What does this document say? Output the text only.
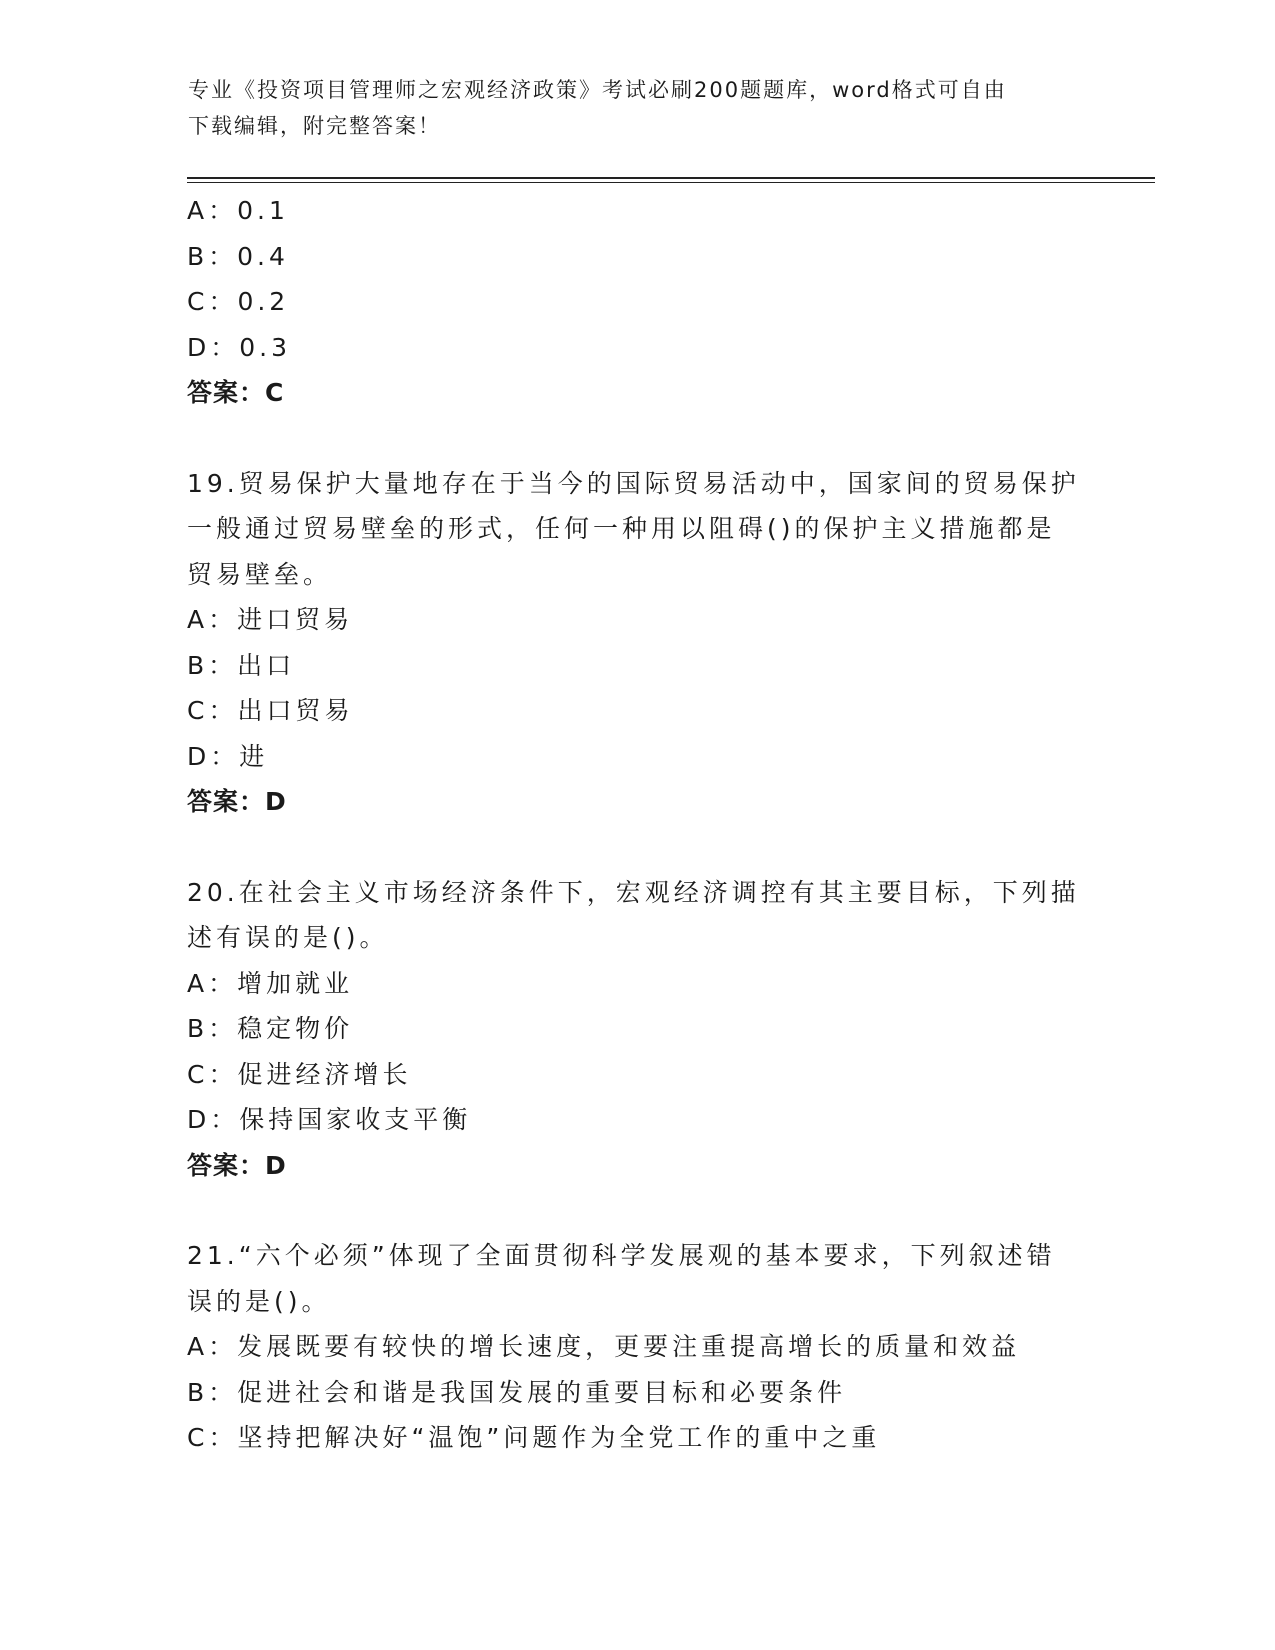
专业《投资项目管理师之宏观经济政策》考试必刷200题题库，word格式可自由
下载编辑，附完整答案！
A：0.1
B：0.4
C：0.2
D：0.3
答案：C
19.贸易保护大量地存在于当今的国际贸易活动中，国家间的贸易保护
一般通过贸易壁垒的形式，任何一种用以阻碍()的保护主义措施都是
贸易壁垒。
A：进口贸易
B：出口
C：出口贸易
D：进
答案：D
20.在社会主义市场经济条件下，宏观经济调控有其主要目标，下列描
述有误的是()。
A：增加就业
B：稳定物价
C：促进经济增长
D：保持国家收支平衡
答案：D
21.“六个必须”体现了全面贯彻科学发展观的基本要求，下列叙述错
误的是()。
A：发展既要有较快的增长速度，更要注重提高增长的质量和效益
B：促进社会和谐是我国发展的重要目标和必要条件
C：坚持把解决好“温饱”问题作为全党工作的重中之重
